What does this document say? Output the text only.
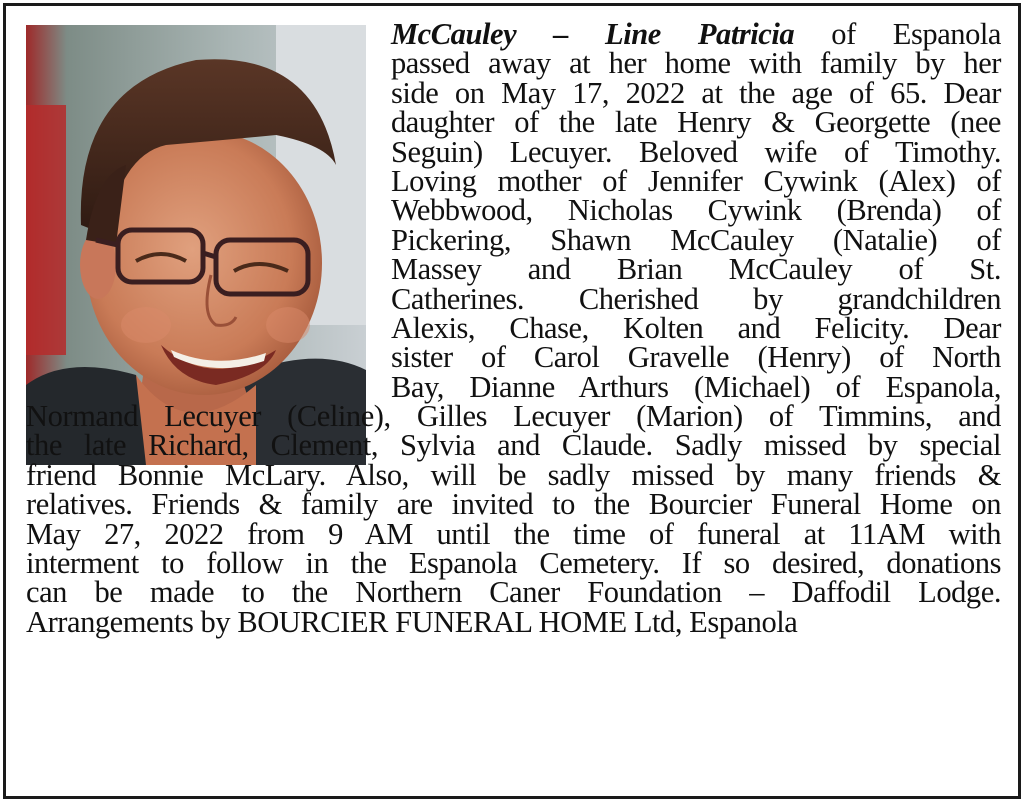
McCauley – Line Patricia of Espanola
passed away at her home with family by her
side on May 17, 2022 at the age of 65. Dear
daughter of the late Henry & Georgette (nee
Seguin) Lecuyer. Beloved wife of Timothy.
Loving mother of Jennifer Cywink (Alex) of
Webbwood, Nicholas Cywink (Brenda) of
Pickering, Shawn McCauley (Natalie) of
Massey and Brian McCauley of St.
Catherines. Cherished by grandchildren
Alexis, Chase, Kolten and Felicity. Dear
sister of Carol Gravelle (Henry) of North
Bay, Dianne Arthurs (Michael) of Espanola,
Normand Lecuyer (Celine), Gilles Lecuyer (Marion) of Timmins, and
the late Richard, Clement, Sylvia and Claude. Sadly missed by special
friend Bonnie McLary. Also, will be sadly missed by many friends &
relatives. Friends & family are invited to the Bourcier Funeral Home on
May 27, 2022 from 9 AM until the time of funeral at 11AM with
interment to follow in the Espanola Cemetery. If so desired, donations
can be made to the Northern Caner Foundation – Daffodil Lodge.
Arrangements by BOURCIER FUNERAL HOME Ltd, Espanola
